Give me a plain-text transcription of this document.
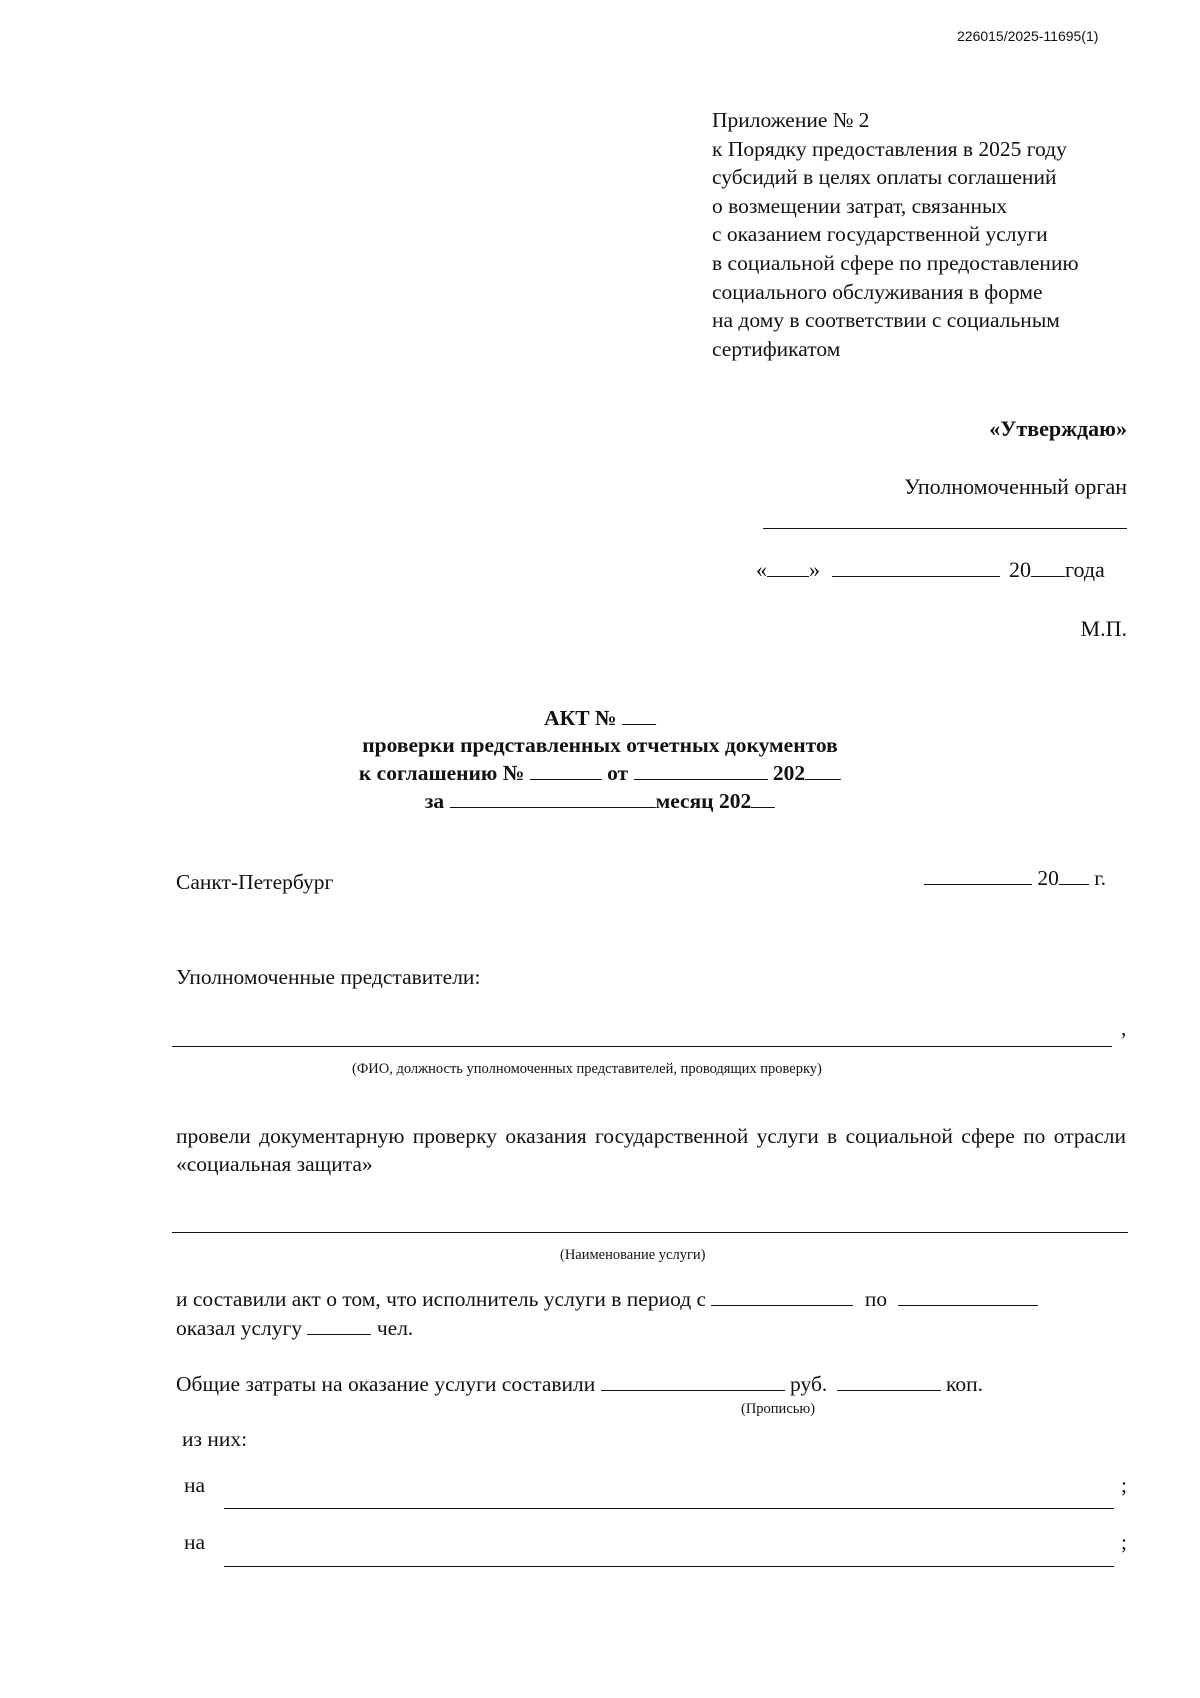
226015/2025-11695(1)
Приложение № 2
к Порядку предоставления в 2025 году
субсидий в целях оплаты соглашений
о возмещении затрат, связанных
с оказанием государственной услуги
в социальной сфере по предоставлению
социального обслуживания в форме
на дому в соответствии с социальным
сертификатом
«Утверждаю»
Уполномоченный орган
« »	20 года
М.П.
АКТ №
проверки представленных отчетных документов
к соглашению №	от	202
за	месяц 202
Санкт-Петербург	20 г.
Уполномоченные представители:
,
(ФИО, должность уполномоченных представителей, проводящих проверку)
провели документарную проверку оказания государственной услуги в социальной сфере по отрасли «социальная защита»
(Наименование услуги)
и составили акт о том, что исполнитель услуги в период с	по
оказал услугу	чел.
Общие затраты на оказание услуги составили	руб.	коп.
(Прописью)
из них:
на	;
на	;
